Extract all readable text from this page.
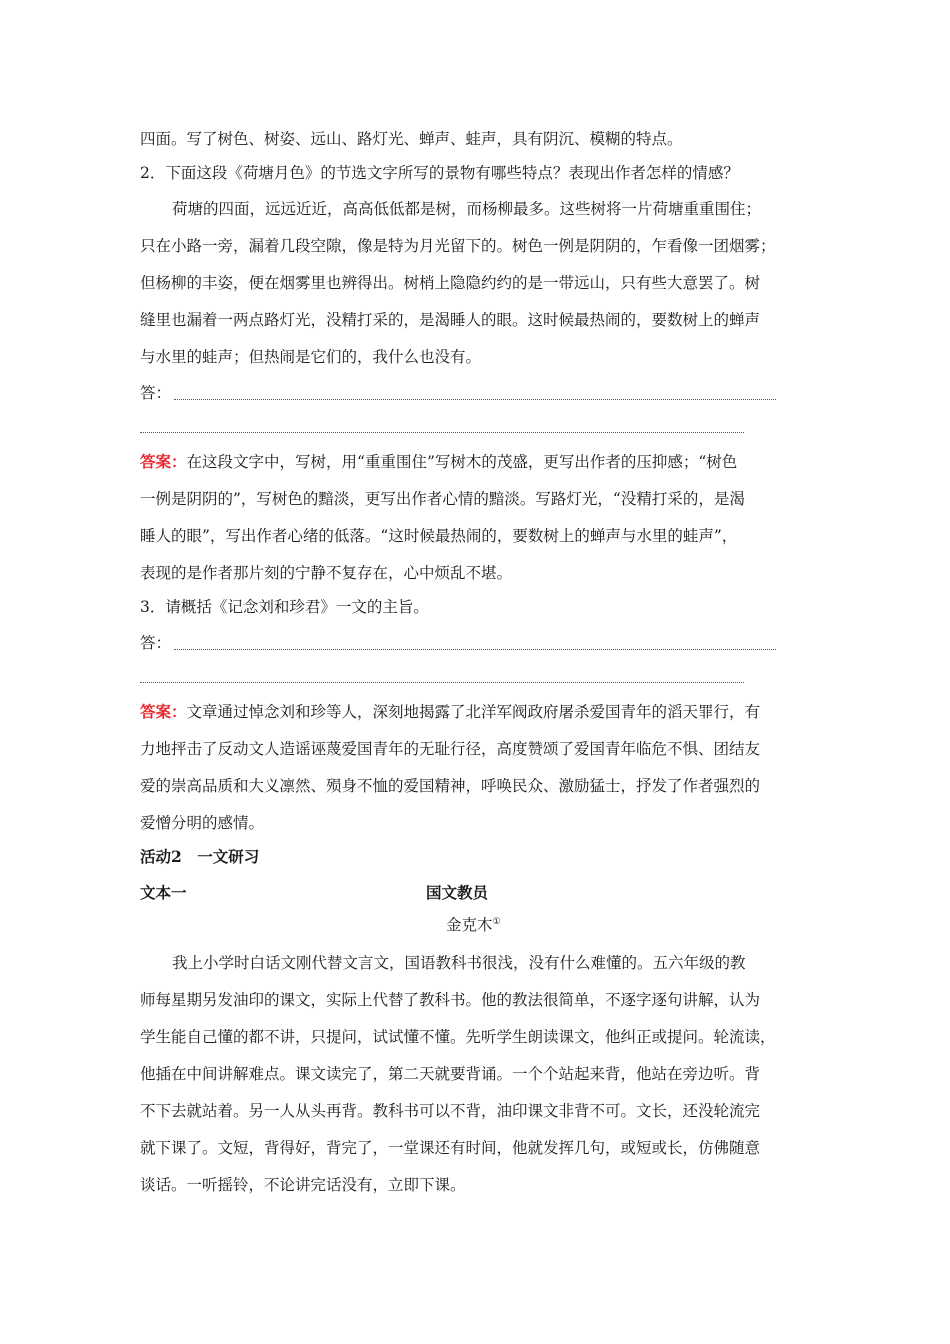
四面。写了树色、树姿、远山、路灯光、蝉声、蛙声，具有阴沉、模糊的特点。
2．下面这段《荷塘月色》的节选文字所写的景物有哪些特点？表现出作者怎样的情感？
荷塘的四面，远远近近，高高低低都是树，而杨柳最多。这些树将一片荷塘重重围住；
只在小路一旁，漏着几段空隙，像是特为月光留下的。树色一例是阴阴的，乍看像一团烟雾；
但杨柳的丰姿，便在烟雾里也辨得出。树梢上隐隐约约的是一带远山，只有些大意罢了。树
缝里也漏着一两点路灯光，没精打采的，是渴睡人的眼。这时候最热闹的，要数树上的蝉声
与水里的蛙声；但热闹是它们的，我什么也没有。
答：
答案：在这段文字中，写树，用“重重围住”写树木的茂盛，更写出作者的压抑感；“树色
一例是阴阴的”，写树色的黯淡，更写出作者心情的黯淡。写路灯光，“没精打采的，是渴
睡人的眼”，写出作者心绪的低落。“这时候最热闹的，要数树上的蝉声与水里的蛙声”，
表现的是作者那片刻的宁静不复存在，心中烦乱不堪。
3．请概括《记念刘和珍君》一文的主旨。
答：
答案：文章通过悼念刘和珍等人，深刻地揭露了北洋军阀政府屠杀爱国青年的滔天罪行，有
力地抨击了反动文人造谣诬蔑爱国青年的无耻行径，高度赞颂了爱国青年临危不惧、团结友
爱的崇高品质和大义凛然、殒身不恤的爱国精神，呼唤民众、激励猛士，抒发了作者强烈的
爱憎分明的感情。
活动2　一文研习
文本一	国文教员
金克木①
我上小学时白话文刚代替文言文，国语教科书很浅，没有什么难懂的。五六年级的教
师每星期另发油印的课文，实际上代替了教科书。他的教法很简单，不逐字逐句讲解，认为
学生能自己懂的都不讲，只提问，试试懂不懂。先听学生朗读课文，他纠正或提问。轮流读，
他插在中间讲解难点。课文读完了，第二天就要背诵。一个个站起来背，他站在旁边听。背
不下去就站着。另一人从头再背。教科书可以不背，油印课文非背不可。文长，还没轮流完
就下课了。文短，背得好，背完了，一堂课还有时间，他就发挥几句，或短或长，仿佛随意
谈话。一听摇铃，不论讲完话没有，立即下课。
